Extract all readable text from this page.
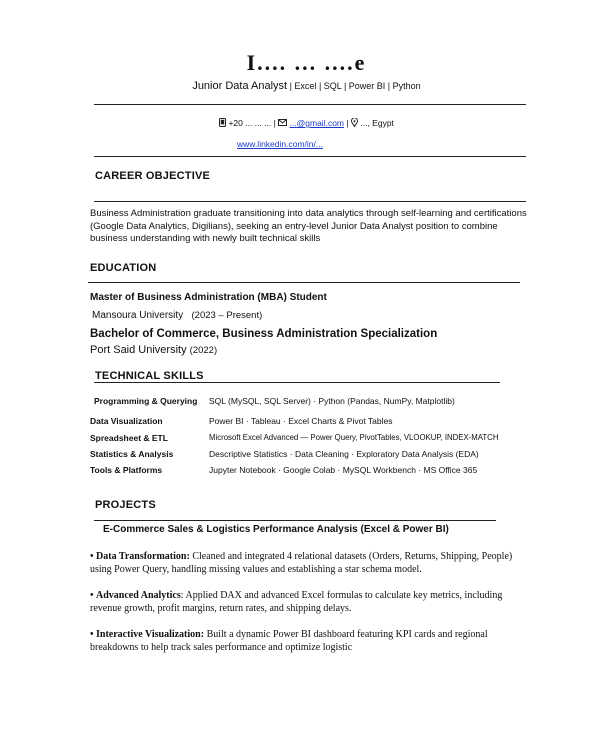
I.... ... ....e
Junior Data Analyst | Excel | SQL | Power BI | Python
+20 ... ... ... | ...@gmail.com | ..., Egypt
www.linkedin.com/in/...
CAREER OBJECTIVE
Business Administration graduate transitioning into data analytics through self-learning and certifications (Google Data Analytics, Digilians), seeking an entry-level Junior Data Analyst position to combine business understanding with newly built technical skills
EDUCATION
Master of Business Administration (MBA) Student
Mansoura University (2023 – Present)
Bachelor of Commerce, Business Administration Specialization
Port Said University (2022)
TECHNICAL SKILLS
Programming & Querying SQL (MySQL, SQL Server) · Python (Pandas, NumPy, Matplotlib)
Data Visualization	Power BI · Tableau · Excel Charts & Pivot Tables
Spreadsheet & ETL	Microsoft Excel Advanced — Power Query, PivotTables, VLOOKUP, INDEX-MATCH
Statistics & Analysis	Descriptive Statistics · Data Cleaning · Exploratory Data Analysis (EDA)
Tools & Platforms	Jupyter Notebook · Google Colab · MySQL Workbench · MS Office 365
PROJECTS
E-Commerce Sales & Logistics Performance Analysis (Excel & Power BI)
• Data Transformation: Cleaned and integrated 4 relational datasets (Orders, Returns, Shipping, People) using Power Query, handling missing values and establishing a star schema model.
• Advanced Analytics: Applied DAX and advanced Excel formulas to calculate key metrics, including revenue growth, profit margins, return rates, and shipping delays.
• Interactive Visualization: Built a dynamic Power BI dashboard featuring KPI cards and regional breakdowns to help track sales performance and optimize logistic
